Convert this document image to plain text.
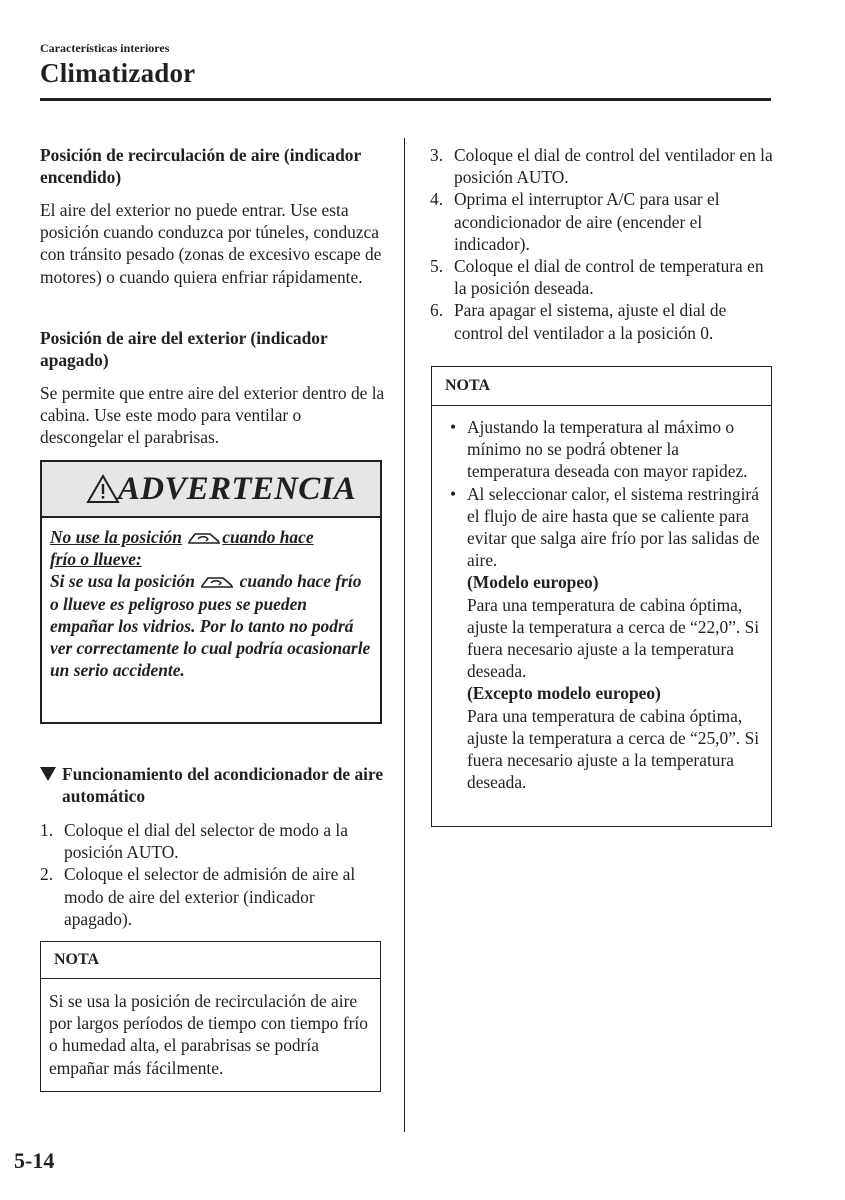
Características interiores
Climatizador
Posición de recirculación de aire (indicador encendido)
El aire del exterior no puede entrar. Use esta posición cuando conduzca por túneles, conduzca con tránsito pesado (zonas de excesivo escape de motores) o cuando quiera enfriar rápidamente.
Posición de aire del exterior (indicador apagado)
Se permite que entre aire del exterior dentro de la cabina. Use este modo para ventilar o descongelar el parabrisas.
ADVERTENCIA
No use la posición cuando hace
frío o llueve:
Si se usa la posición	cuando hace frío o llueve es peligroso pues se pueden empañar los vidrios. Por lo tanto no podrá ver correctamente lo cual podría ocasionarle un serio accidente.
Funcionamiento del acondicionador de aire automático
1. Coloque el dial del selector de modo a la posición AUTO.
2. Coloque el selector de admisión de aire al modo de aire del exterior (indicador apagado).
NOTA
Si se usa la posición de recirculación de aire por largos períodos de tiempo con tiempo frío o humedad alta, el parabrisas se podría empañar más fácilmente.
3. Coloque el dial de control del ventilador en la posición AUTO.
4. Oprima el interruptor A/C para usar el acondicionador de aire (encender el indicador).
5. Coloque el dial de control de temperatura en la posición deseada.
6. Para apagar el sistema, ajuste el dial de control del ventilador a la posición 0.
NOTA
• Ajustando la temperatura al máximo o mínimo no se podrá obtener la temperatura deseada con mayor rapidez.
• Al seleccionar calor, el sistema restringirá el flujo de aire hasta que se caliente para evitar que salga aire frío por las salidas de aire.
(Modelo europeo)
Para una temperatura de cabina óptima, ajuste la temperatura a cerca de “22,0”. Si fuera necesario ajuste a la temperatura deseada.
(Excepto modelo europeo)
Para una temperatura de cabina óptima, ajuste la temperatura a cerca de “25,0”. Si fuera necesario ajuste a la temperatura deseada.
5-14
